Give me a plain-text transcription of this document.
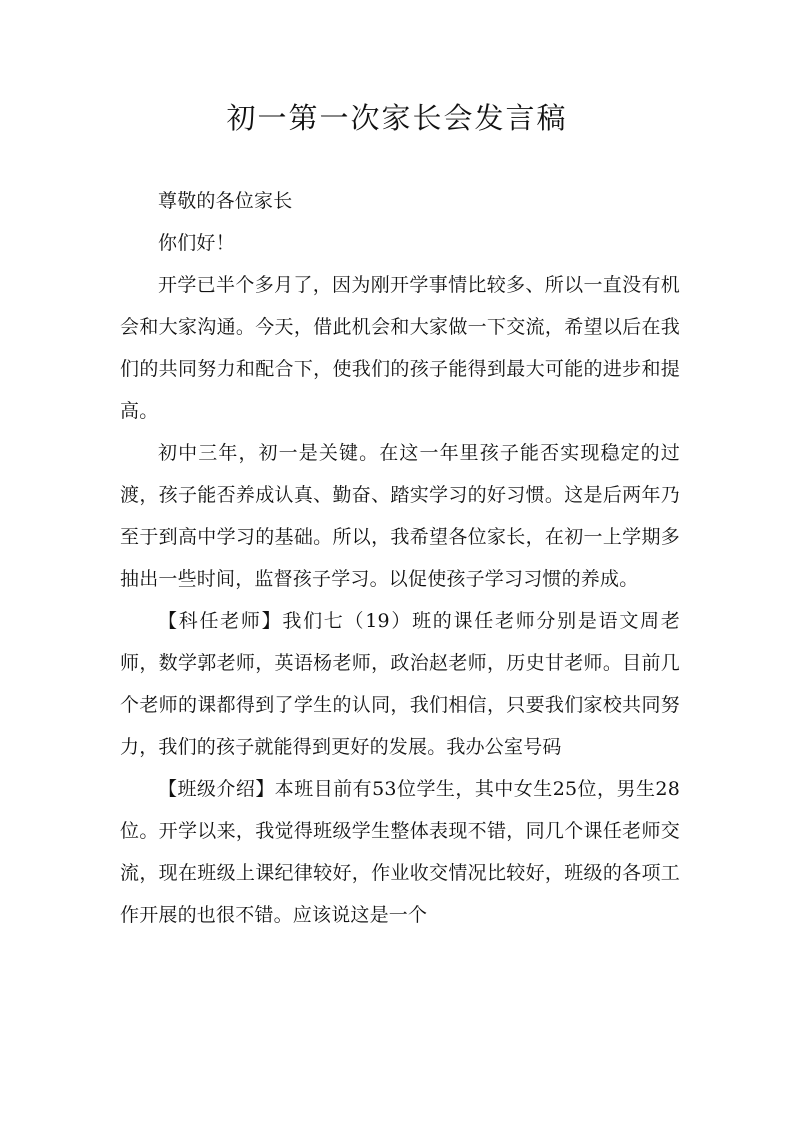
初一第一次家长会发言稿

尊敬的各位家长

你们好！

开学已半个多月了，因为刚开学事情比较多、所以一直没有机会和大家沟通。今天，借此机会和大家做一下交流，希望以后在我们的共同努力和配合下，使我们的孩子能得到最大可能的进步和提高。

初中三年，初一是关键。在这一年里孩子能否实现稳定的过渡，孩子能否养成认真、勤奋、踏实学习的好习惯。这是后两年乃至于到高中学习的基础。所以，我希望各位家长，在初一上学期多抽出一些时间，监督孩子学习。以促使孩子学习习惯的养成。

【科任老师】我们七（19）班的课任老师分别是语文周老师，数学郭老师，英语杨老师，政治赵老师，历史甘老师。目前几个老师的课都得到了学生的认同，我们相信，只要我们家校共同努力，我们的孩子就能得到更好的发展。我办公室号码

【班级介绍】本班目前有53位学生，其中女生25位，男生28位。开学以来，我觉得班级学生整体表现不错，同几个课任老师交流，现在班级上课纪律较好，作业收交情况比较好，班级的各项工作开展的也很不错。应该说这是一个
